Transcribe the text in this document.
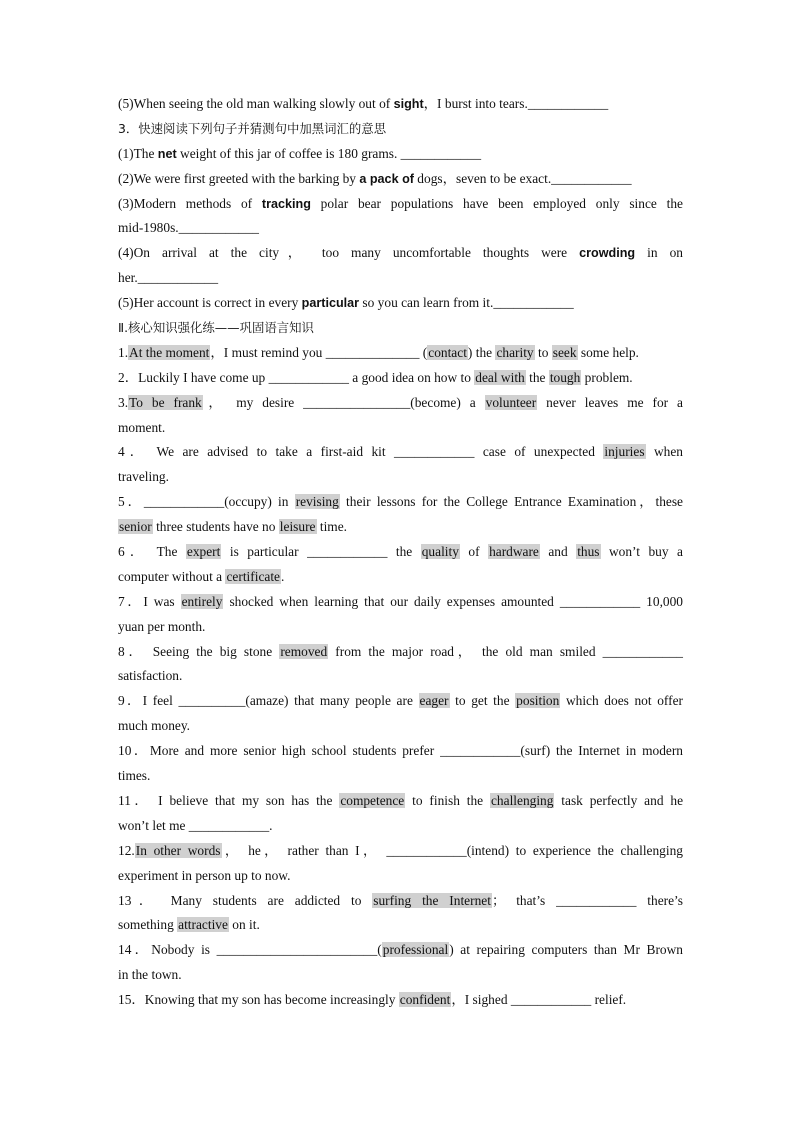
(5)When seeing the old man walking slowly out of sight，I burst into tears.____________
3．快速阅读下列句子并猜测句中加黑词汇的意思
(1)The net weight of this jar of coffee is 180 grams. ____________
(2)We were first greeted with the barking by a pack of dogs，seven to be exact.____________
(3)Modern methods of tracking polar bear populations have been employed only since the
mid-1980s.____________
(4)On arrival at the city， too many uncomfortable thoughts were crowding in on
her.____________
(5)Her account is correct in every particular so you can learn from it.____________
Ⅱ.核心知识强化练——巩固语言知识
1.At the moment，I must remind you ______________ (contact) the charity to seek some help.
2．Luckily I have come up ____________ a good idea on how to deal with the tough problem.
3.To be frank， my desire ________________(become) a volunteer never leaves me for a
moment.
4． We are advised to take a first-aid kit ____________ case of unexpected injuries when
traveling.
5．____________(occupy) in revising their lessons for the College Entrance Examination，these
senior three students have no leisure time.
6． The expert is particular ____________ the quality of hardware and thus won’t buy a
computer without a certificate.
7．I was entirely shocked when learning that our daily expenses amounted ____________ 10,000
yuan per month.
8． Seeing the big stone removed from the major road， the old man smiled ____________
satisfaction.
9．I feel __________(amaze) that many people are eager to get the position which does not offer
much money.
10．More and more senior high school students prefer ____________(surf) the Internet in modern
times.
11． I believe that my son has the competence to finish the challenging task perfectly and he
won’t let me ____________.
12.In other words， he， rather than I， ____________(intend) to experience the challenging
experiment in person up to now.
13． Many students are addicted to surfing the Internet； that’s ____________ there’s
something attractive on it.
14．Nobody is ________________________(professional) at repairing computers than Mr Brown
in the town.
15．Knowing that my son has become increasingly confident，I sighed ____________ relief.
